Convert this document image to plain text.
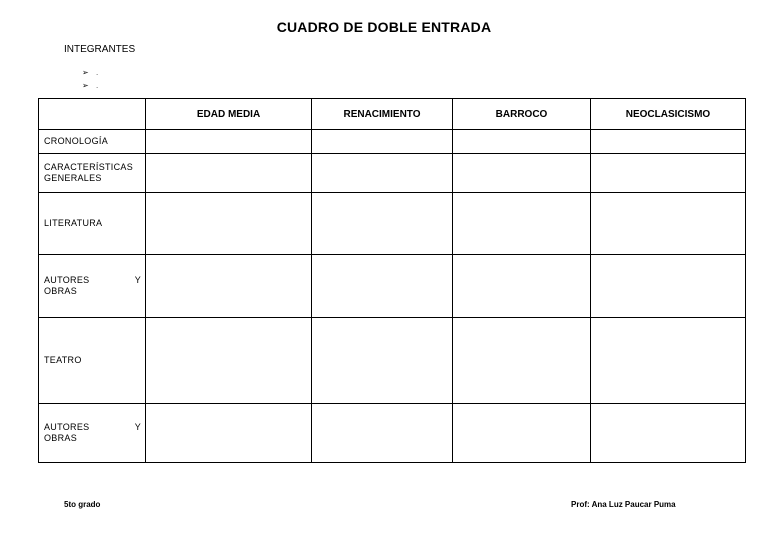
CUADRO DE DOBLE ENTRADA
INTEGRANTES
➢ .
➢ .
	EDAD MEDIA	RENACIMIENTO	BARROCO	NEOCLASICISMO
CRONOLOGÍA				

CARACTERÍSTICAS
GENERALES				

LITERATURA				

AUTORES Y
OBRAS				

TEATRO				

AUTORES Y
OBRAS				

5to grado	Prof: Ana Luz Paucar Puma
